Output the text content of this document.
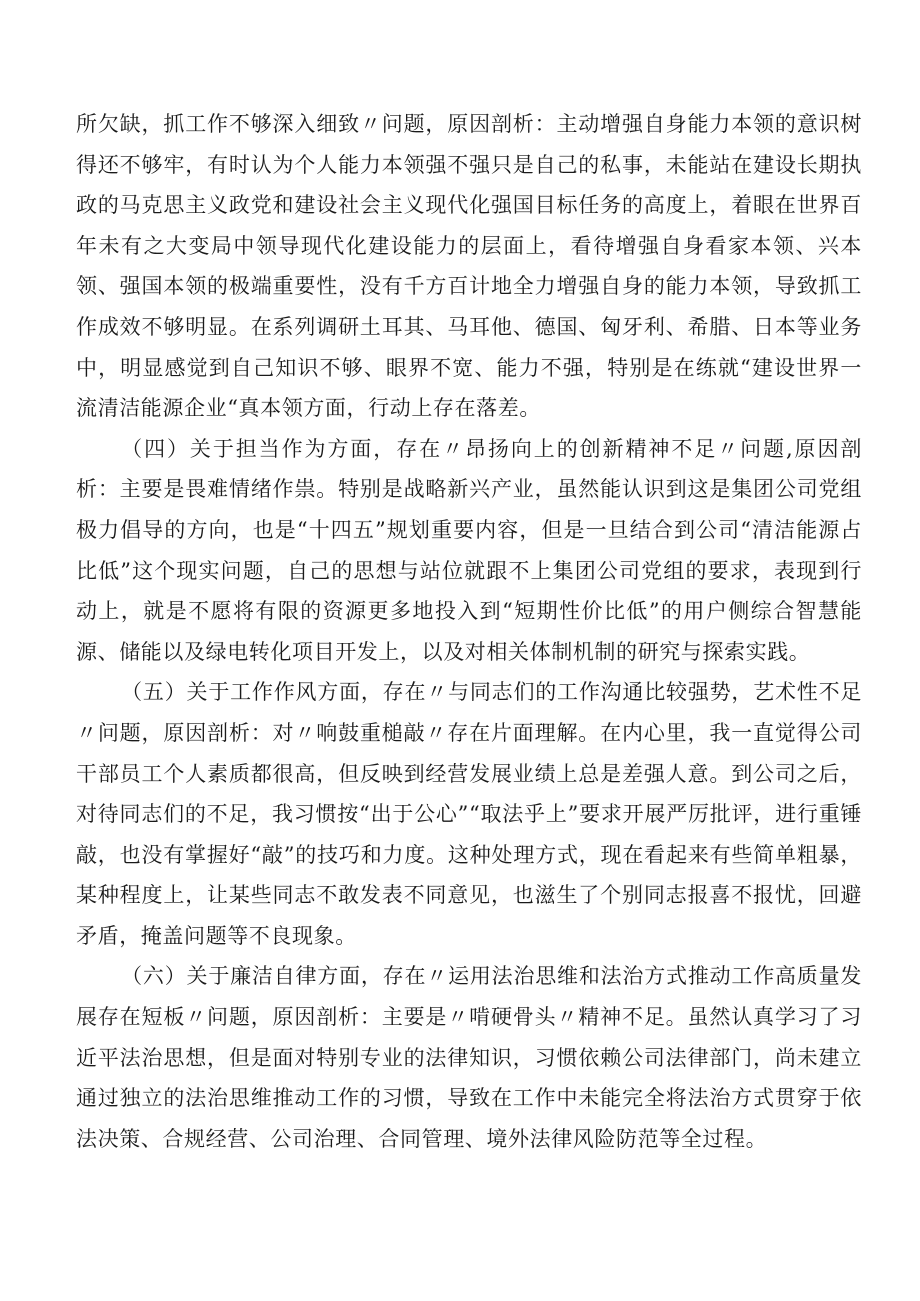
所欠缺，抓工作不够深入细致〃问题，原因剖析：主动增强自身能力本领的意识树得还不够牢，有时认为个人能力本领强不强只是自己的私事，未能站在建设长期执政的马克思主义政党和建设社会主义现代化强国目标任务的高度上，着眼在世界百年未有之大变局中领导现代化建设能力的层面上，看待增强自身看家本领、兴本领、强国本领的极端重要性，没有千方百计地全力增强自身的能力本领，导致抓工作成效不够明显。在系列调研土耳其、马耳他、德国、匈牙利、希腊、日本等业务中，明显感觉到自己知识不够、眼界不宽、能力不强，特别是在练就“建设世界一流清洁能源企业“真本领方面，行动上存在落差。

（四）关于担当作为方面，存在〃昂扬向上的创新精神不足〃问题,原因剖析：主要是畏难情绪作祟。特别是战略新兴产业，虽然能认识到这是集团公司党组极力倡导的方向，也是“十四五”规划重要内容，但是一旦结合到公司“清洁能源占比低”这个现实问题，自己的思想与站位就跟不上集团公司党组的要求，表现到行动上，就是不愿将有限的资源更多地投入到“短期性价比低”的用户侧综合智慧能源、储能以及绿电转化项目开发上，以及对相关体制机制的研究与探索实践。

（五）关于工作作风方面，存在〃与同志们的工作沟通比较强势，艺术性不足〃问题，原因剖析：对〃响鼓重槌敲〃存在片面理解。在内心里，我一直觉得公司干部员工个人素质都很高，但反映到经营发展业绩上总是差强人意。到公司之后，对待同志们的不足，我习惯按“出于公心”“取法乎上”要求开展严厉批评，进行重锤敲，也没有掌握好“敲”的技巧和力度。这种处理方式，现在看起来有些简单粗暴，某种程度上，让某些同志不敢发表不同意见，也滋生了个别同志报喜不报忧，回避矛盾，掩盖问题等不良现象。

（六）关于廉洁自律方面，存在〃运用法治思维和法治方式推动工作高质量发展存在短板〃问题，原因剖析：主要是〃啃硬骨头〃精神不足。虽然认真学习了习近平法治思想，但是面对特别专业的法律知识，习惯依赖公司法律部门，尚未建立通过独立的法治思维推动工作的习惯，导致在工作中未能完全将法治方式贯穿于依法决策、合规经营、公司治理、合同管理、境外法律风险防范等全过程。
